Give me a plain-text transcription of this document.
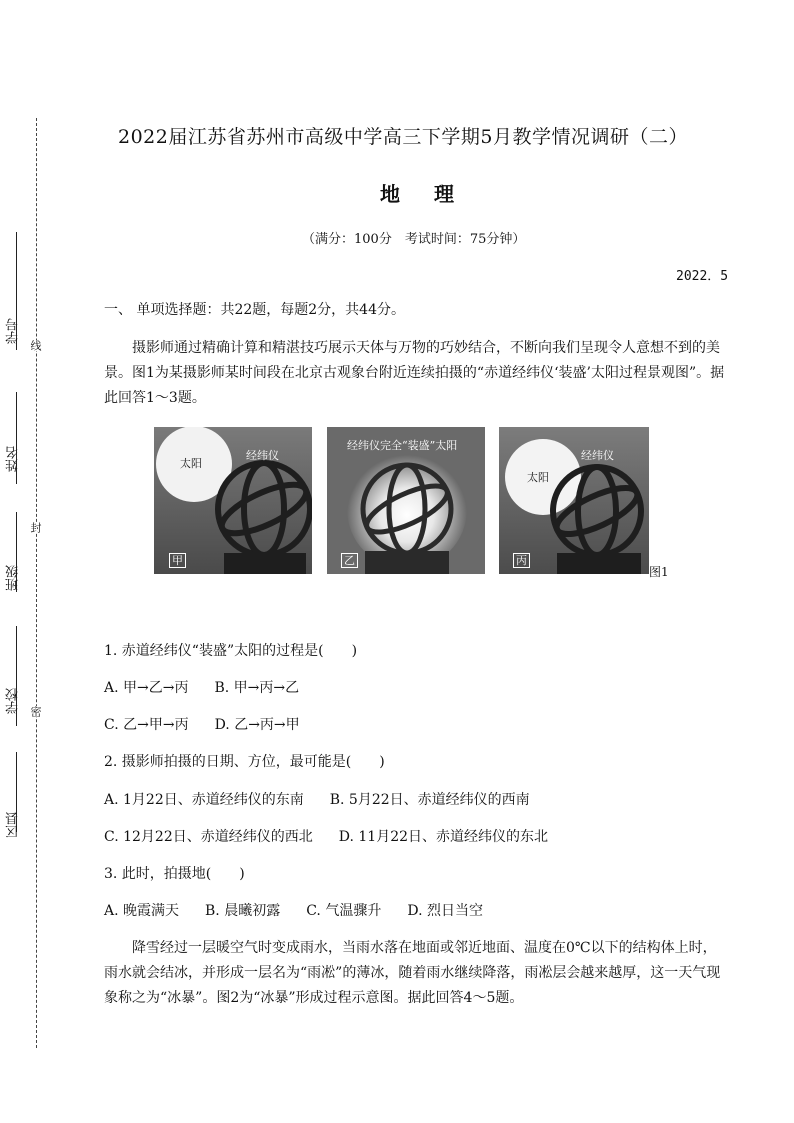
学号
姓名
班级
学校
区县
线
封
密
2022届江苏省苏州市高级中学高三下学期5月教学情况调研（二）
地理
（满分：100分　考试时间：75分钟）
2022．5
一、 单项选择题：共22题，每题2分，共44分。
摄影师通过精确计算和精湛技巧展示天体与万物的巧妙结合，不断向我们呈现令人意想不到的美景。图1为某摄影师某时间段在北京古观象台附近连续拍摄的“赤道经纬仪‘装盛’太阳过程景观图”。据此回答1～3题。
太阳
经纬仪
甲
经纬仪完全“装盛”太阳
乙
太阳
经纬仪
丙
图1
1. 赤道经纬仪“装盛”太阳的过程是(　　)
A. 甲→乙→丙 B. 甲→丙→乙
C. 乙→甲→丙 D. 乙→丙→甲
2. 摄影师拍摄的日期、方位，最可能是(　　)
A. 1月22日、赤道经纬仪的东南 B. 5月22日、赤道经纬仪的西南
C. 12月22日、赤道经纬仪的西北 D. 11月22日、赤道经纬仪的东北
3. 此时，拍摄地(　　)
A. 晚霞满天 B. 晨曦初露 C. 气温骤升 D. 烈日当空
降雪经过一层暖空气时变成雨水，当雨水落在地面或邻近地面、温度在0℃以下的结构体上时，雨水就会结冰，并形成一层名为“雨凇”的薄冰，随着雨水继续降落，雨凇层会越来越厚，这一天气现象称之为“冰暴”。图2为“冰暴”形成过程示意图。据此回答4～5题。
